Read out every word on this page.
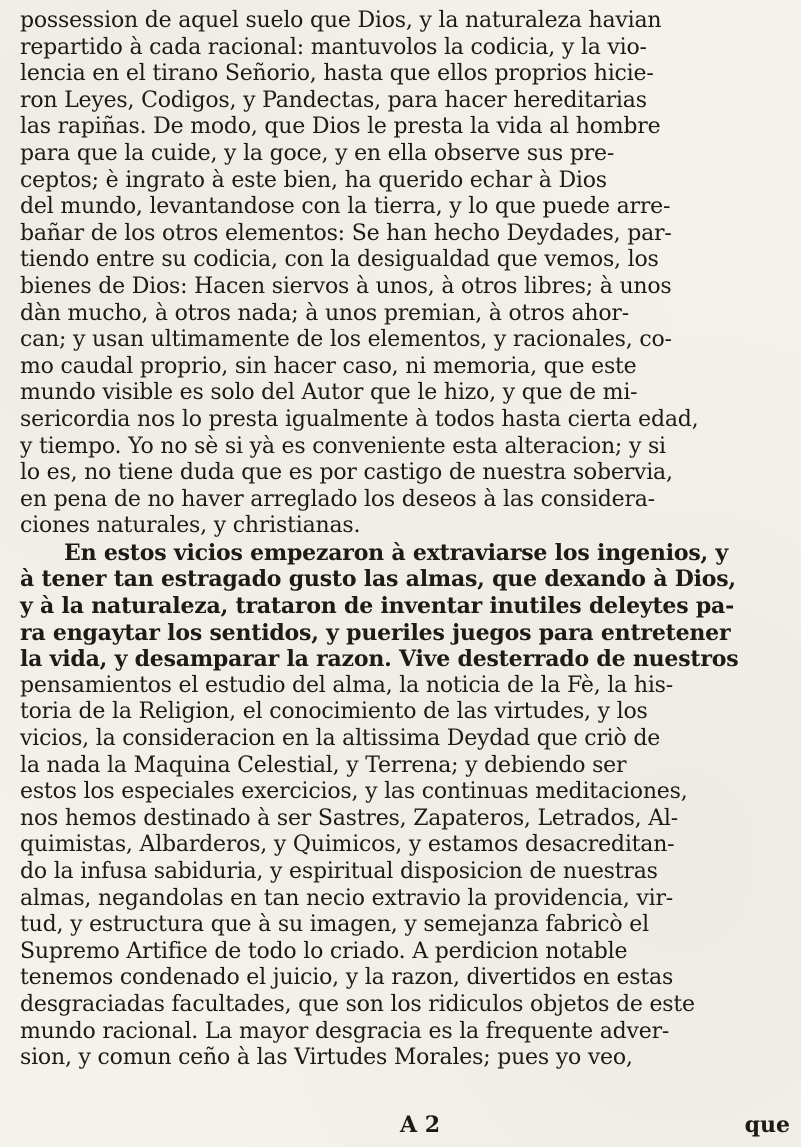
possession de aquel suelo que Dios, y la naturaleza havian
repartido à cada racional: mantuvolos la codicia, y la vio-
lencia en el tirano Señorio, hasta que ellos proprios hicie-
ron Leyes, Codigos, y Pandectas, para hacer hereditarias
las rapiñas. De modo, que Dios le presta la vida al hombre
para que la cuide, y la goce, y en ella observe sus pre-
ceptos; è ingrato à este bien, ha querido echar à Dios
del mundo, levantandose con la tierra, y lo que puede arre-
bañar de los otros elementos: Se han hecho Deydades, par-
tiendo entre su codicia, con la desigualdad que vemos, los
bienes de Dios: Hacen siervos à unos, à otros libres; à unos
dàn mucho, à otros nada; à unos premian, à otros ahor-
can; y usan ultimamente de los elementos, y racionales, co-
mo caudal proprio, sin hacer caso, ni memoria, que este
mundo visible es solo del Autor que le hizo, y que de mi-
sericordia nos lo presta igualmente à todos hasta cierta edad,
y tiempo. Yo no sè si yà es conveniente esta alteracion; y si
lo es, no tiene duda que es por castigo de nuestra sobervia,
en pena de no haver arreglado los deseos à las considera-
ciones naturales, y christianas.
En estos vicios empezaron à extraviarse los ingenios, y
à tener tan estragado gusto las almas, que dexando à Dios,
y à la naturaleza, trataron de inventar inutiles deleytes pa-
ra engaytar los sentidos, y pueriles juegos para entretener
la vida, y desamparar la razon. Vive desterrado de nuestros
pensamientos el estudio del alma, la noticia de la Fè, la his-
toria de la Religion, el conocimiento de las virtudes, y los
vicios, la consideracion en la altissima Deydad que criò de
la nada la Maquina Celestial, y Terrena; y debiendo ser
estos los especiales exercicios, y las continuas meditaciones,
nos hemos destinado à ser Sastres, Zapateros, Letrados, Al-
quimistas, Albarderos, y Quimicos, y estamos desacreditan-
do la infusa sabiduria, y espiritual disposicion de nuestras
almas, negandolas en tan necio extravio la providencia, vir-
tud, y estructura que à su imagen, y semejanza fabricò el
Supremo Artifice de todo lo criado. A perdicion notable
tenemos condenado el juicio, y la razon, divertidos en estas
desgraciadas facultades, que son los ridiculos objetos de este
mundo racional. La mayor desgracia es la frequente adver-
sion, y comun ceño à las Virtudes Morales; pues yo veo,
A 2	que
